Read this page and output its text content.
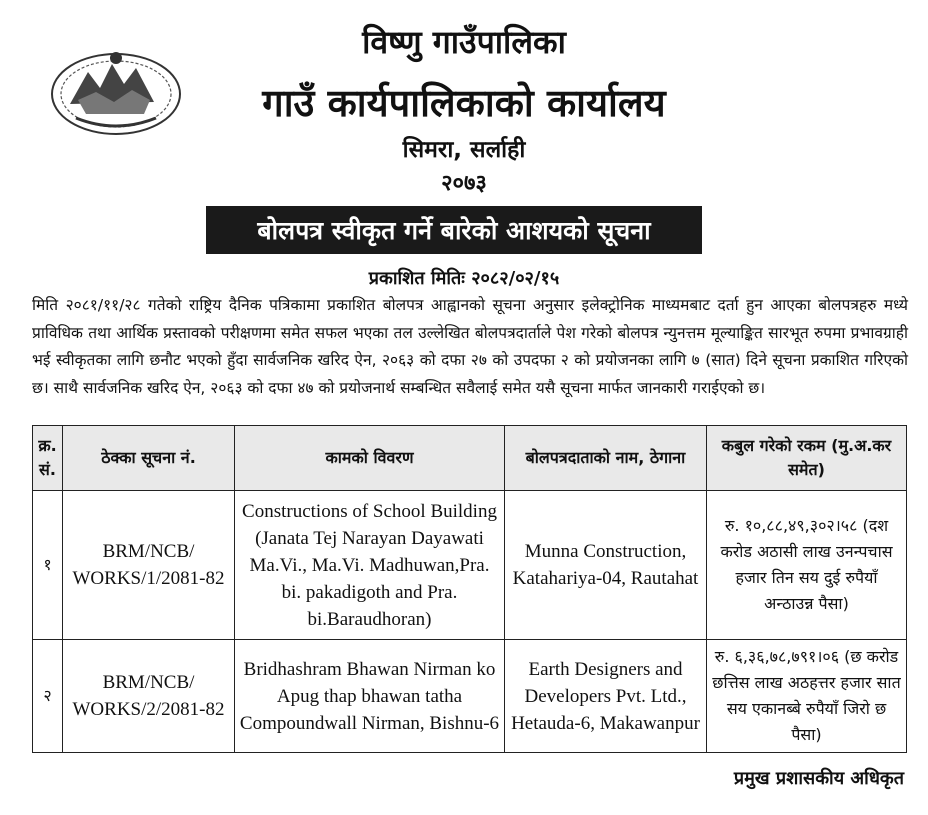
विष्णु गाउँपालिका
गाउँ कार्यपालिकाको कार्यालय
सिमरा, सर्लाही
२०७३
बोलपत्र स्वीकृत गर्ने बारेको आशयको सूचना
प्रकाशित मितिः २०८२/०२/१५
मिति २०८१/११/२८ गतेको राष्ट्रिय दैनिक पत्रिकामा प्रकाशित बोलपत्र आह्वानको सूचना अनुसार इलेक्ट्रोनिक माध्यमबाट दर्ता हुन आएका बोलपत्रहरु मध्ये प्राविधिक तथा आर्थिक प्रस्तावको परीक्षणमा समेत सफल भएका तल उल्लेखित बोलपत्रदार्ताले पेश गरेको बोलपत्र न्युनत्तम मूल्याङ्कित सारभूत रुपमा प्रभावग्राही भई स्वीकृतका लागि छनौट भएको हुँदा सार्वजनिक खरिद ऐन, २०६३ को दफा २७ को उपदफा २ को प्रयोजनका लागि ७ (सात) दिने सूचना प्रकाशित गरिएको छ। साथै सार्वजनिक खरिद ऐन, २०६३ को दफा ४७ को प्रयोजनार्थ सम्बन्धित सवैलाई समेत यसै सूचना मार्फत जानकारी गराईएको छ।
क्र. सं.	ठेक्का सूचना नं.	कामको विवरण	बोलपत्रदाताको नाम, ठेगाना	कबुल गरेको रकम (मु.अ.कर समेत)
१	BRM/NCB/ WORKS/1/2081-82	Constructions of School Building (Janata Tej Narayan Dayawati Ma.Vi., Ma.Vi. Madhuwan,Pra. bi. pakadigoth and Pra. bi.Baraudhoran)	Munna Construction, Katahariya-04, Rautahat	रु. १०,८८,४९,३०२।५८ (दश करोड अठासी लाख उनन्पचास हजार तिन सय दुई रुपैयाँ अन्ठाउन्न पैसा)
२	BRM/NCB/ WORKS/2/2081-82	Bridhashram Bhawan Nirman ko Apug thap bhawan tatha Compoundwall Nirman, Bishnu-6	Earth Designers and Developers Pvt. Ltd., Hetauda-6, Makawanpur	रु. ६,३६,७८,७९१।०६ (छ करोड छत्तिस लाख अठहत्तर हजार सात सय एकानब्बे रुपैयाँ जिरो छ पैसा)
प्रमुख प्रशासकीय अधिकृत
